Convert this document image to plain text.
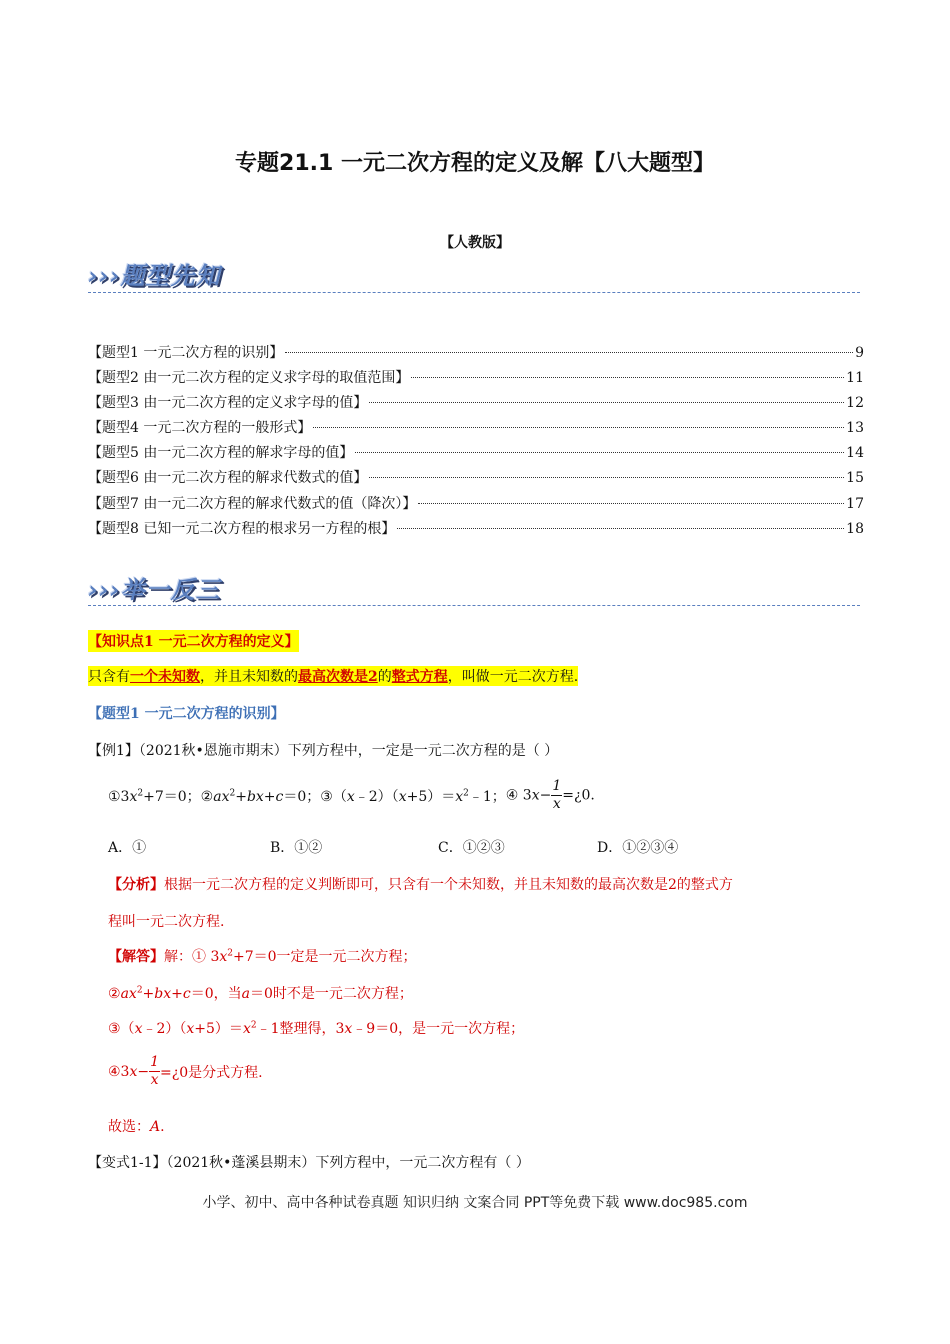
专题21.1 一元二次方程的定义及解【八大题型】
【人教版】
›››题型先知
【题型1 一元二次方程的识别】	9
【题型2 由一元二次方程的定义求字母的取值范围】	11
【题型3 由一元二次方程的定义求字母的值】	12
【题型4 一元二次方程的一般形式】	13
【题型5 由一元二次方程的解求字母的值】	14
【题型6 由一元二次方程的解求代数式的值】	15
【题型7 由一元二次方程的解求代数式的值（降次）】	17
【题型8 已知一元二次方程的根求另一方程的根】	18
›››举一反三
【知识点1 一元二次方程的定义】
只含有一个未知数，并且未知数的最高次数是2的整式方程，叫做一元二次方程.
【题型1 一元二次方程的识别】
【例1】（2021秋•恩施市期末）下列方程中，一定是一元二次方程的是（ ）
$①3x^2+7=0$； $②ax^2+bx+c=0$； $③(x﹣2)(x+5)=x^2﹣1$； ④ $3x- \frac{1}{x}$ =¿0.
A．①	B．①②	C．①②③	D．①②③④
【分析】根据一元二次方程的定义判断即可，只含有一个未知数，并且未知数的最高次数是2的整式方
程叫一元二次方程.
【解答】解：① $3x^2+7=0$一定是一元二次方程；
$②ax^2+bx+c=0$，当a＝0时不是一元二次方程；
$③(x﹣2)(x+5)=x^2﹣1$整理得，3x﹣9＝0，是一元一次方程；
④3 $x - \frac{1}{x}$ =¿0是分式方程.
故选：A.
【变式1-1】（2021秋•蓬溪县期末）下列方程中，一元二次方程有（ ）
小学、初中、高中各种试卷真题 知识归纳 文案合同 PPT等免费下载 www.doc985.com
